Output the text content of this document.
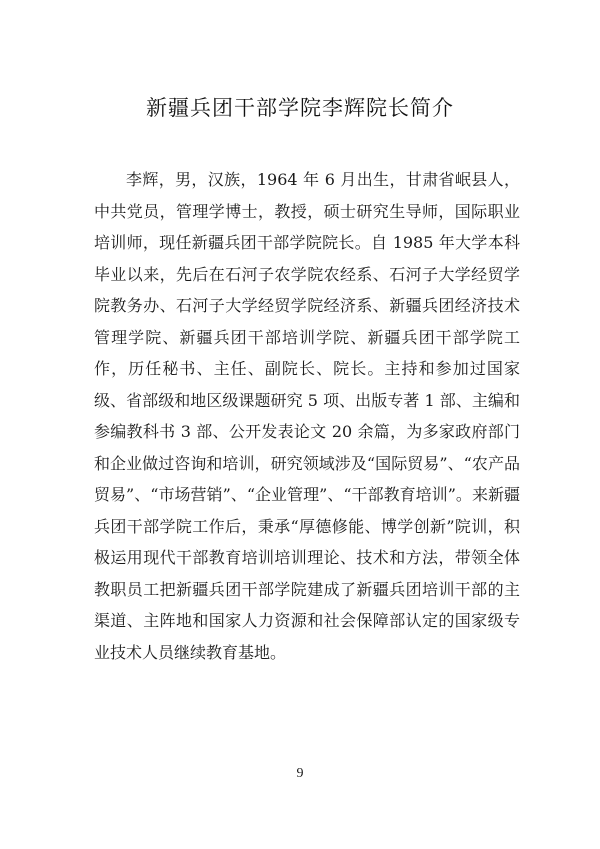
新疆兵团干部学院李辉院长简介

李辉，男，汉族，1964 年 6 月出生，甘肃省岷县人，中共党员，管理学博士，教授，硕士研究生导师，国际职业培训师，现任新疆兵团干部学院院长。自 1985 年大学本科毕业以来，先后在石河子农学院农经系、石河子大学经贸学院教务办、石河子大学经贸学院经济系、新疆兵团经济技术管理学院、新疆兵团干部培训学院、新疆兵团干部学院工作，历任秘书、主任、副院长、院长。主持和参加过国家级、省部级和地区级课题研究 5 项、出版专著 1 部、主编和参编教科书 3 部、公开发表论文 20 余篇，为多家政府部门和企业做过咨询和培训，研究领域涉及“国际贸易”、“农产品贸易”、“市场营销”、“企业管理”、“干部教育培训”。来新疆兵团干部学院工作后，秉承“厚德修能、博学创新”院训，积极运用现代干部教育培训培训理论、技术和方法，带领全体教职员工把新疆兵团干部学院建成了新疆兵团培训干部的主渠道、主阵地和国家人力资源和社会保障部认定的国家级专业技术人员继续教育基地。

9
